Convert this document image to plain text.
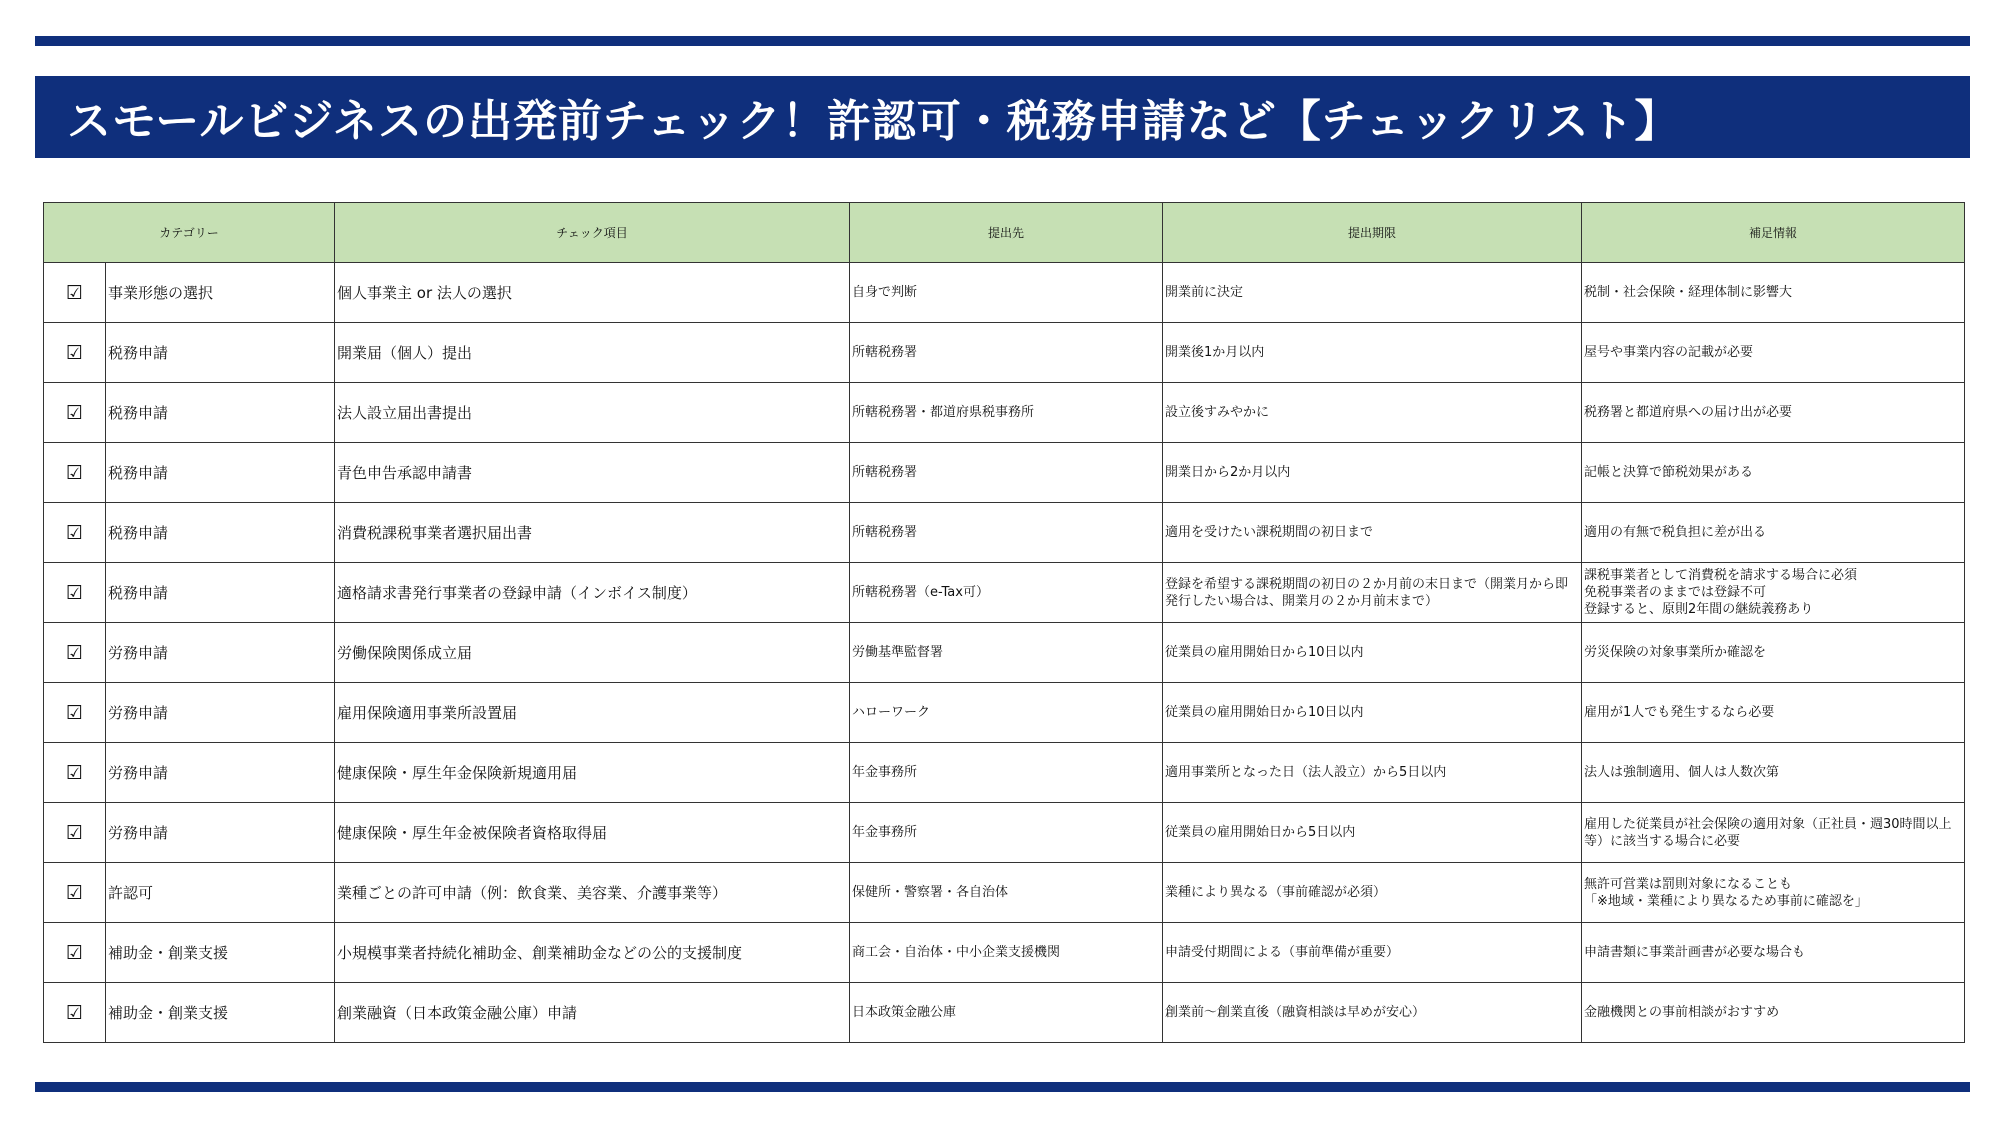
スモールビジネスの出発前チェック！許認可・税務申請など【チェックリスト】
カテゴリー		チェック項目	提出先	提出期限	補足情報
☑	事業形態の選択	個人事業主 or 法人の選択	自身で判断	開業前に決定	税制・社会保険・経理体制に影響大

☑	税務申請	開業届（個人）提出	所轄税務署	開業後1か月以内	屋号や事業内容の記載が必要

☑	税務申請	法人設立届出書提出	所轄税務署・都道府県税事務所	設立後すみやかに	税務署と都道府県への届け出が必要

☑	税務申請	青色申告承認申請書	所轄税務署	開業日から2か月以内	記帳と決算で節税効果がある

☑	税務申請	消費税課税事業者選択届出書	所轄税務署	適用を受けたい課税期間の初日まで	適用の有無で税負担に差が出る

☑	税務申請	適格請求書発行事業者の登録申請（インボイス制度）	所轄税務署（e-Tax可）	登録を希望する課税期間の初日の２か月前の末日まで（開業月から即発行したい場合は、開業月の２か月前末まで）	課税事業者として消費税を請求する場合に必須
免税事業者のままでは登録不可
登録すると、原則2年間の継続義務あり

☑	労務申請	労働保険関係成立届	労働基準監督署	従業員の雇用開始日から10日以内	労災保険の対象事業所か確認を

☑	労務申請	雇用保険適用事業所設置届	ハローワーク	従業員の雇用開始日から10日以内	雇用が1人でも発生するなら必要

☑	労務申請	健康保険・厚生年金保険新規適用届	年金事務所	適用事業所となった日（法人設立）から5日以内	法人は強制適用、個人は人数次第

☑	労務申請	健康保険・厚生年金被保険者資格取得届	年金事務所	従業員の雇用開始日から5日以内	雇用した従業員が社会保険の適用対象（正社員・週30時間以上等）に該当する場合に必要

☑	許認可	業種ごとの許可申請（例：飲食業、美容業、介護事業等）	保健所・警察署・各自治体	業種により異なる（事前確認が必須）	無許可営業は罰則対象になることも
「※地域・業種により異なるため事前に確認を」

☑	補助金・創業支援	小規模事業者持続化補助金、創業補助金などの公的支援制度	商工会・自治体・中小企業支援機関	申請受付期間による（事前準備が重要）	申請書類に事業計画書が必要な場合も

☑	補助金・創業支援	創業融資（日本政策金融公庫）申請	日本政策金融公庫	創業前〜創業直後（融資相談は早めが安心）	金融機関との事前相談がおすすめ
